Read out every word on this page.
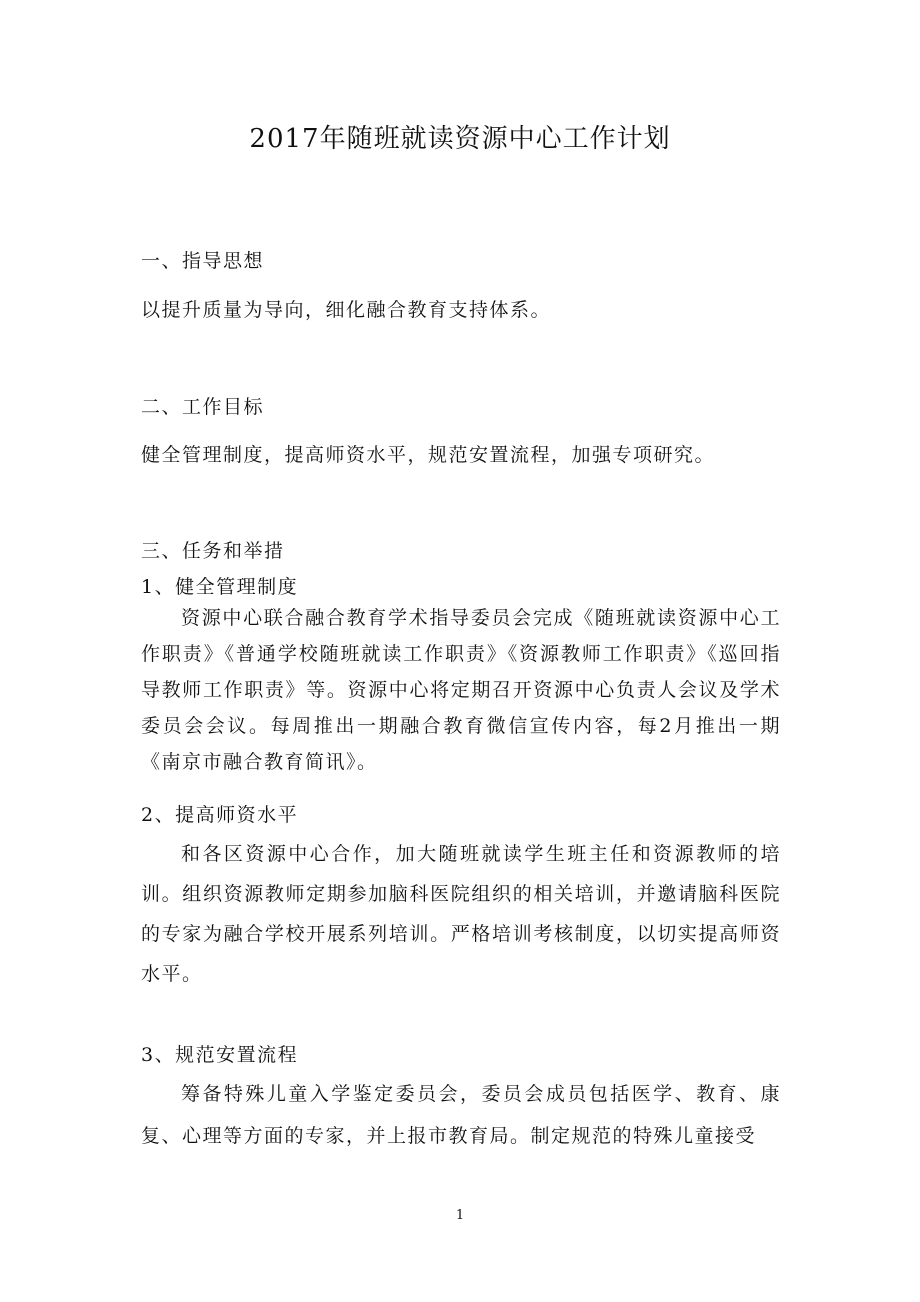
2017年随班就读资源中心工作计划
一、指导思想
以提升质量为导向，细化融合教育支持体系。
二、工作目标
健全管理制度，提高师资水平，规范安置流程，加强专项研究。
三、任务和举措
1、健全管理制度
资源中心联合融合教育学术指导委员会完成《随班就读资源中心工作职责》《普通学校随班就读工作职责》《资源教师工作职责》《巡回指导教师工作职责》等。资源中心将定期召开资源中心负责人会议及学术委员会会议。每周推出一期融合教育微信宣传内容，每2月推出一期《南京市融合教育简讯》。
2、提高师资水平
和各区资源中心合作，加大随班就读学生班主任和资源教师的培训。组织资源教师定期参加脑科医院组织的相关培训，并邀请脑科医院的专家为融合学校开展系列培训。严格培训考核制度，以切实提高师资水平。
3、规范安置流程
筹备特殊儿童入学鉴定委员会，委员会成员包括医学、教育、康复、心理等方面的专家，并上报市教育局。制定规范的特殊儿童接受
1
